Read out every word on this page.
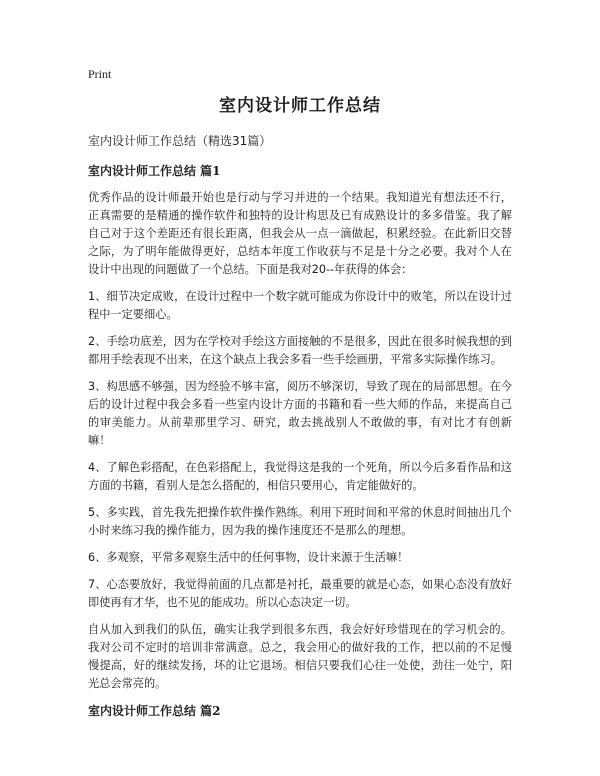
Print
室内设计师工作总结
室内设计师工作总结（精选31篇）
室内设计师工作总结 篇1

优秀作品的设计师最开始也是行动与学习并进的一个结果。我知道光有想法还不行，正真需要的是精通的操作软件和独特的设计构思及已有成熟设计的多多借鉴。我了解自己对于这个差距还有很长距离，但我会从一点一滴做起，积累经验。在此新旧交替之际，为了明年能做得更好，总结本年度工作收获与不足是十分之必要。我对个人在设计中出现的问题做了一个总结。下面是我对20--年获得的体会：

1、细节决定成败，在设计过程中一个数字就可能成为你设计中的败笔，所以在设计过程中一定要细心。

2、手绘功底差，因为在学校对手绘这方面接触的不是很多，因此在很多时候我想的到都用手绘表现不出来，在这个缺点上我会多看一些手绘画册，平常多实际操作练习。

3、构思感不够强，因为经验不够丰富，阅历不够深切，导致了现在的局部思想。在今后的设计过程中我会多看一些室内设计方面的书籍和看一些大师的作品，来提高自己的审美能力。从前辈那里学习、研究，敢去挑战别人不敢做的事，有对比才有创新嘛！

4、了解色彩搭配，在色彩搭配上，我觉得这是我的一个死角，所以今后多看作品和这方面的书籍，看别人是怎么搭配的，相信只要用心，肯定能做好的。

5、多实践，首先我先把操作软件操作熟练。利用下班时间和平常的休息时间抽出几个小时来练习我的操作能力，因为我的操作速度还不是那么的理想。

6、多观察，平常多观察生活中的任何事物，设计来源于生活嘛！

7、心态要放好，我觉得前面的几点都是衬托，最重要的就是心态，如果心态没有放好即使再有才华，也不见的能成功。所以心态决定一切。

自从加入到我们的队伍，确实让我学到很多东西，我会好好珍惜现在的学习机会的。我对公司不定时的培训非常满意。总之，我会用心的做好我的工作，把以前的不足慢慢提高，好的继续发扬，坏的让它退场。相信只要我们心往一处使，劲往一处宁，阳光总会常亮的。

室内设计师工作总结 篇2
